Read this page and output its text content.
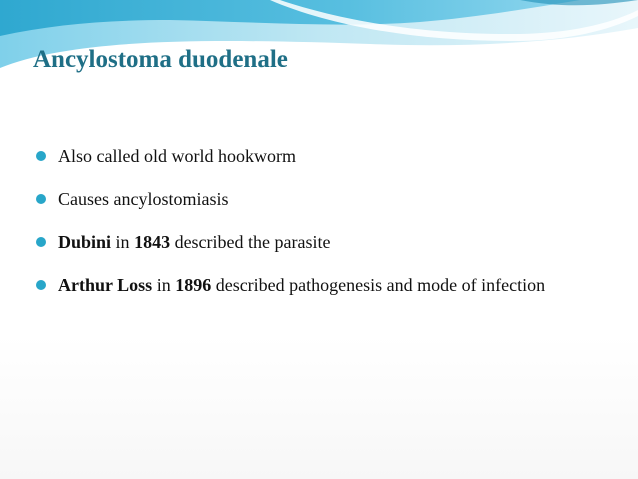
Ancylostoma duodenale
Also called old world hookworm
Causes ancylostomiasis
Dubini in 1843 described the parasite
Arthur Loss in 1896 described pathogenesis and mode of infection
